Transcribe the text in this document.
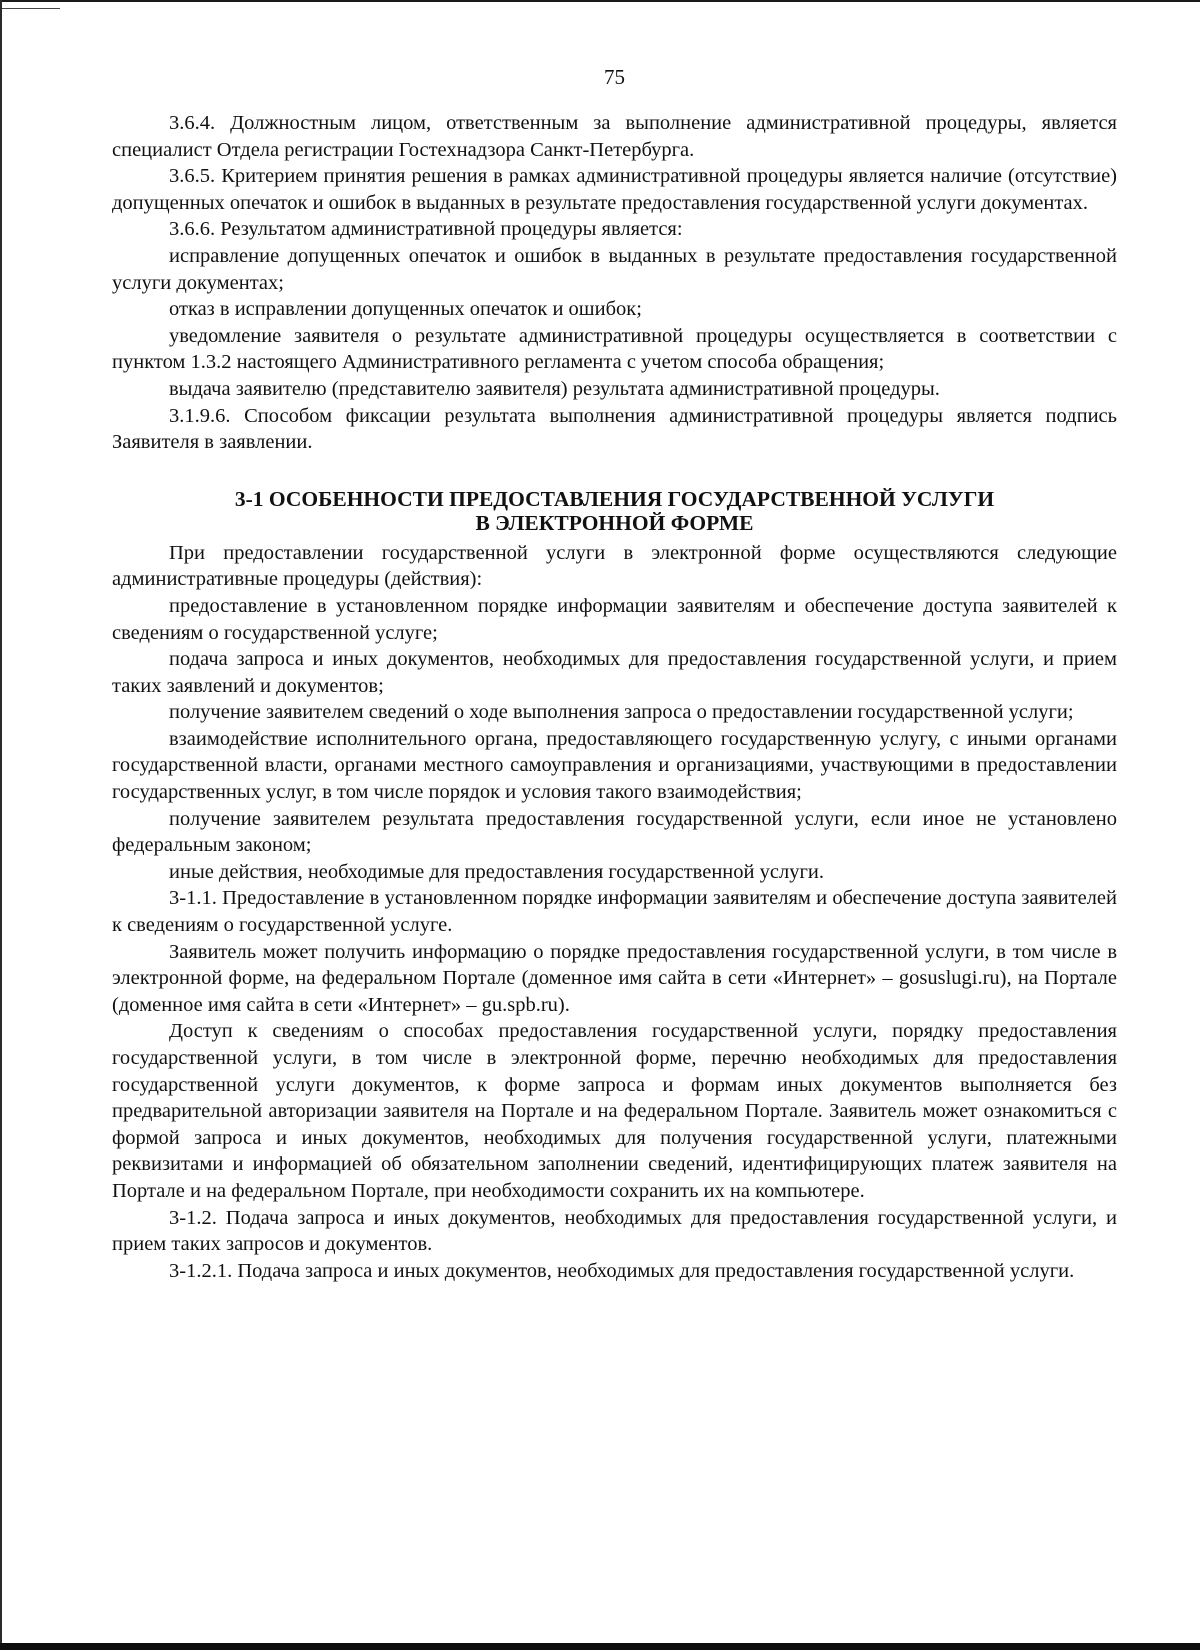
75

3.6.4. Должностным лицом, ответственным за выполнение административной процедуры, является специалист Отдела регистрации Гостехнадзора Санкт-Петербурга.

3.6.5. Критерием принятия решения в рамках административной процедуры является наличие (отсутствие) допущенных опечаток и ошибок в выданных в результате предоставления государственной услуги документах.

3.6.6. Результатом административной процедуры является:

исправление допущенных опечаток и ошибок в выданных в результате предоставления государственной услуги документах;

отказ в исправлении допущенных опечаток и ошибок;

уведомление заявителя о результате административной процедуры осуществляется в соответствии с пунктом 1.3.2 настоящего Административного регламента с учетом способа обращения;

выдача заявителю (представителю заявителя) результата административной процедуры.

3.1.9.6. Способом фиксации результата выполнения административной процедуры является подпись Заявителя в заявлении.

3-1 ОСОБЕННОСТИ ПРЕДОСТАВЛЕНИЯ ГОСУДАРСТВЕННОЙ УСЛУГИ
В ЭЛЕКТРОННОЙ ФОРМЕ

При предоставлении государственной услуги в электронной форме осуществляются следующие административные процедуры (действия):

предоставление в установленном порядке информации заявителям и обеспечение доступа заявителей к сведениям о государственной услуге;

подача запроса и иных документов, необходимых для предоставления государственной услуги, и прием таких заявлений и документов;

получение заявителем сведений о ходе выполнения запроса о предоставлении государственной услуги;

взаимодействие исполнительного органа, предоставляющего государственную услугу, с иными органами государственной власти, органами местного самоуправления и организациями, участвующими в предоставлении государственных услуг, в том числе порядок и условия такого взаимодействия;

получение заявителем результата предоставления государственной услуги, если иное не установлено федеральным законом;

иные действия, необходимые для предоставления государственной услуги.

3-1.1. Предоставление в установленном порядке информации заявителям и обеспечение доступа заявителей к сведениям о государственной услуге.

Заявитель может получить информацию о порядке предоставления государственной услуги, в том числе в электронной форме, на федеральном Портале (доменное имя сайта в сети «Интернет» – gosuslugi.ru), на Портале (доменное имя сайта в сети «Интернет» – gu.spb.ru).

Доступ к сведениям о способах предоставления государственной услуги, порядку предоставления государственной услуги, в том числе в электронной форме, перечню необходимых для предоставления государственной услуги документов, к форме запроса и формам иных документов выполняется без предварительной авторизации заявителя на Портале и на федеральном Портале. Заявитель может ознакомиться с формой запроса и иных документов, необходимых для получения государственной услуги, платежными реквизитами и информацией об обязательном заполнении сведений, идентифицирующих платеж заявителя на Портале и на федеральном Портале, при необходимости сохранить их на компьютере.

3-1.2. Подача запроса и иных документов, необходимых для предоставления государственной услуги, и прием таких запросов и документов.

3-1.2.1. Подача запроса и иных документов, необходимых для предоставления государственной услуги.
